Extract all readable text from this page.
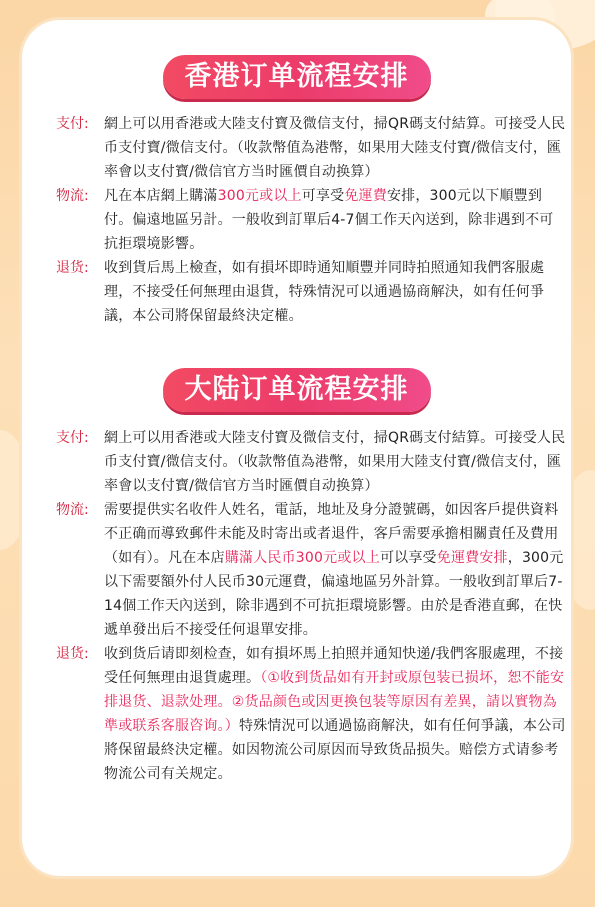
香港订单流程安排
支付:	網上可以用香港或大陸支付寶及微信支付，掃QR碼支付結算。可接受人民币支付寶/微信支付。（收款幣值為港幣，如果用大陸支付寶/微信支付，匯率會以支付寶/微信官方当时匯價自动换算）
物流:	凡在本店網上購滿300元或以上可享受免運費安排，300元以下順豐到付。偏遠地區另計。一般收到訂單后4-7個工作天內送到，除非遇到不可抗拒環境影響。
退货:	收到貨后馬上檢查，如有損坏即時通知順豐并同時拍照通知我們客服處理，不接受任何無理由退貨，特殊情況可以通過協商解決，如有任何爭議，本公司將保留最終決定權。
大陆订单流程安排
支付:	網上可以用香港或大陸支付寶及微信支付，掃QR碼支付結算。可接受人民币支付寶/微信支付。（收款幣值為港幣，如果用大陸支付寶/微信支付，匯率會以支付寶/微信官方当时匯價自动换算）
物流:	需要提供实名收件人姓名，電話，地址及身分證號碼，如因客戶提供資料不正确而導致郵件未能及时寄出或者退件，客戶需要承擔相關責任及費用（如有）。凡在本店購滿人民币300元或以上可以享受免運費安排，300元以下需要額外付人民币30元運費，偏遠地區另外計算。一般收到訂單后7-14個工作天內送到，除非遇到不可抗拒環境影響。由於是香港直郵，在快遞单發出后不接受任何退單安排。
退货:	收到货后请即刻检查，如有損坏馬上拍照并通知快递/我們客服處理，不接受任何無理由退貨處理。（①收到货品如有开封或原包装已损坏，恕不能安排退货、退款处理。②货品颜色或因更換包装等原因有差異，請以實物為準或联系客服咨询。）特殊情況可以通過協商解決，如有任何爭議，本公司將保留最終決定權。如因物流公司原因而导致货品损失。赔偿方式请参考物流公司有关规定。
